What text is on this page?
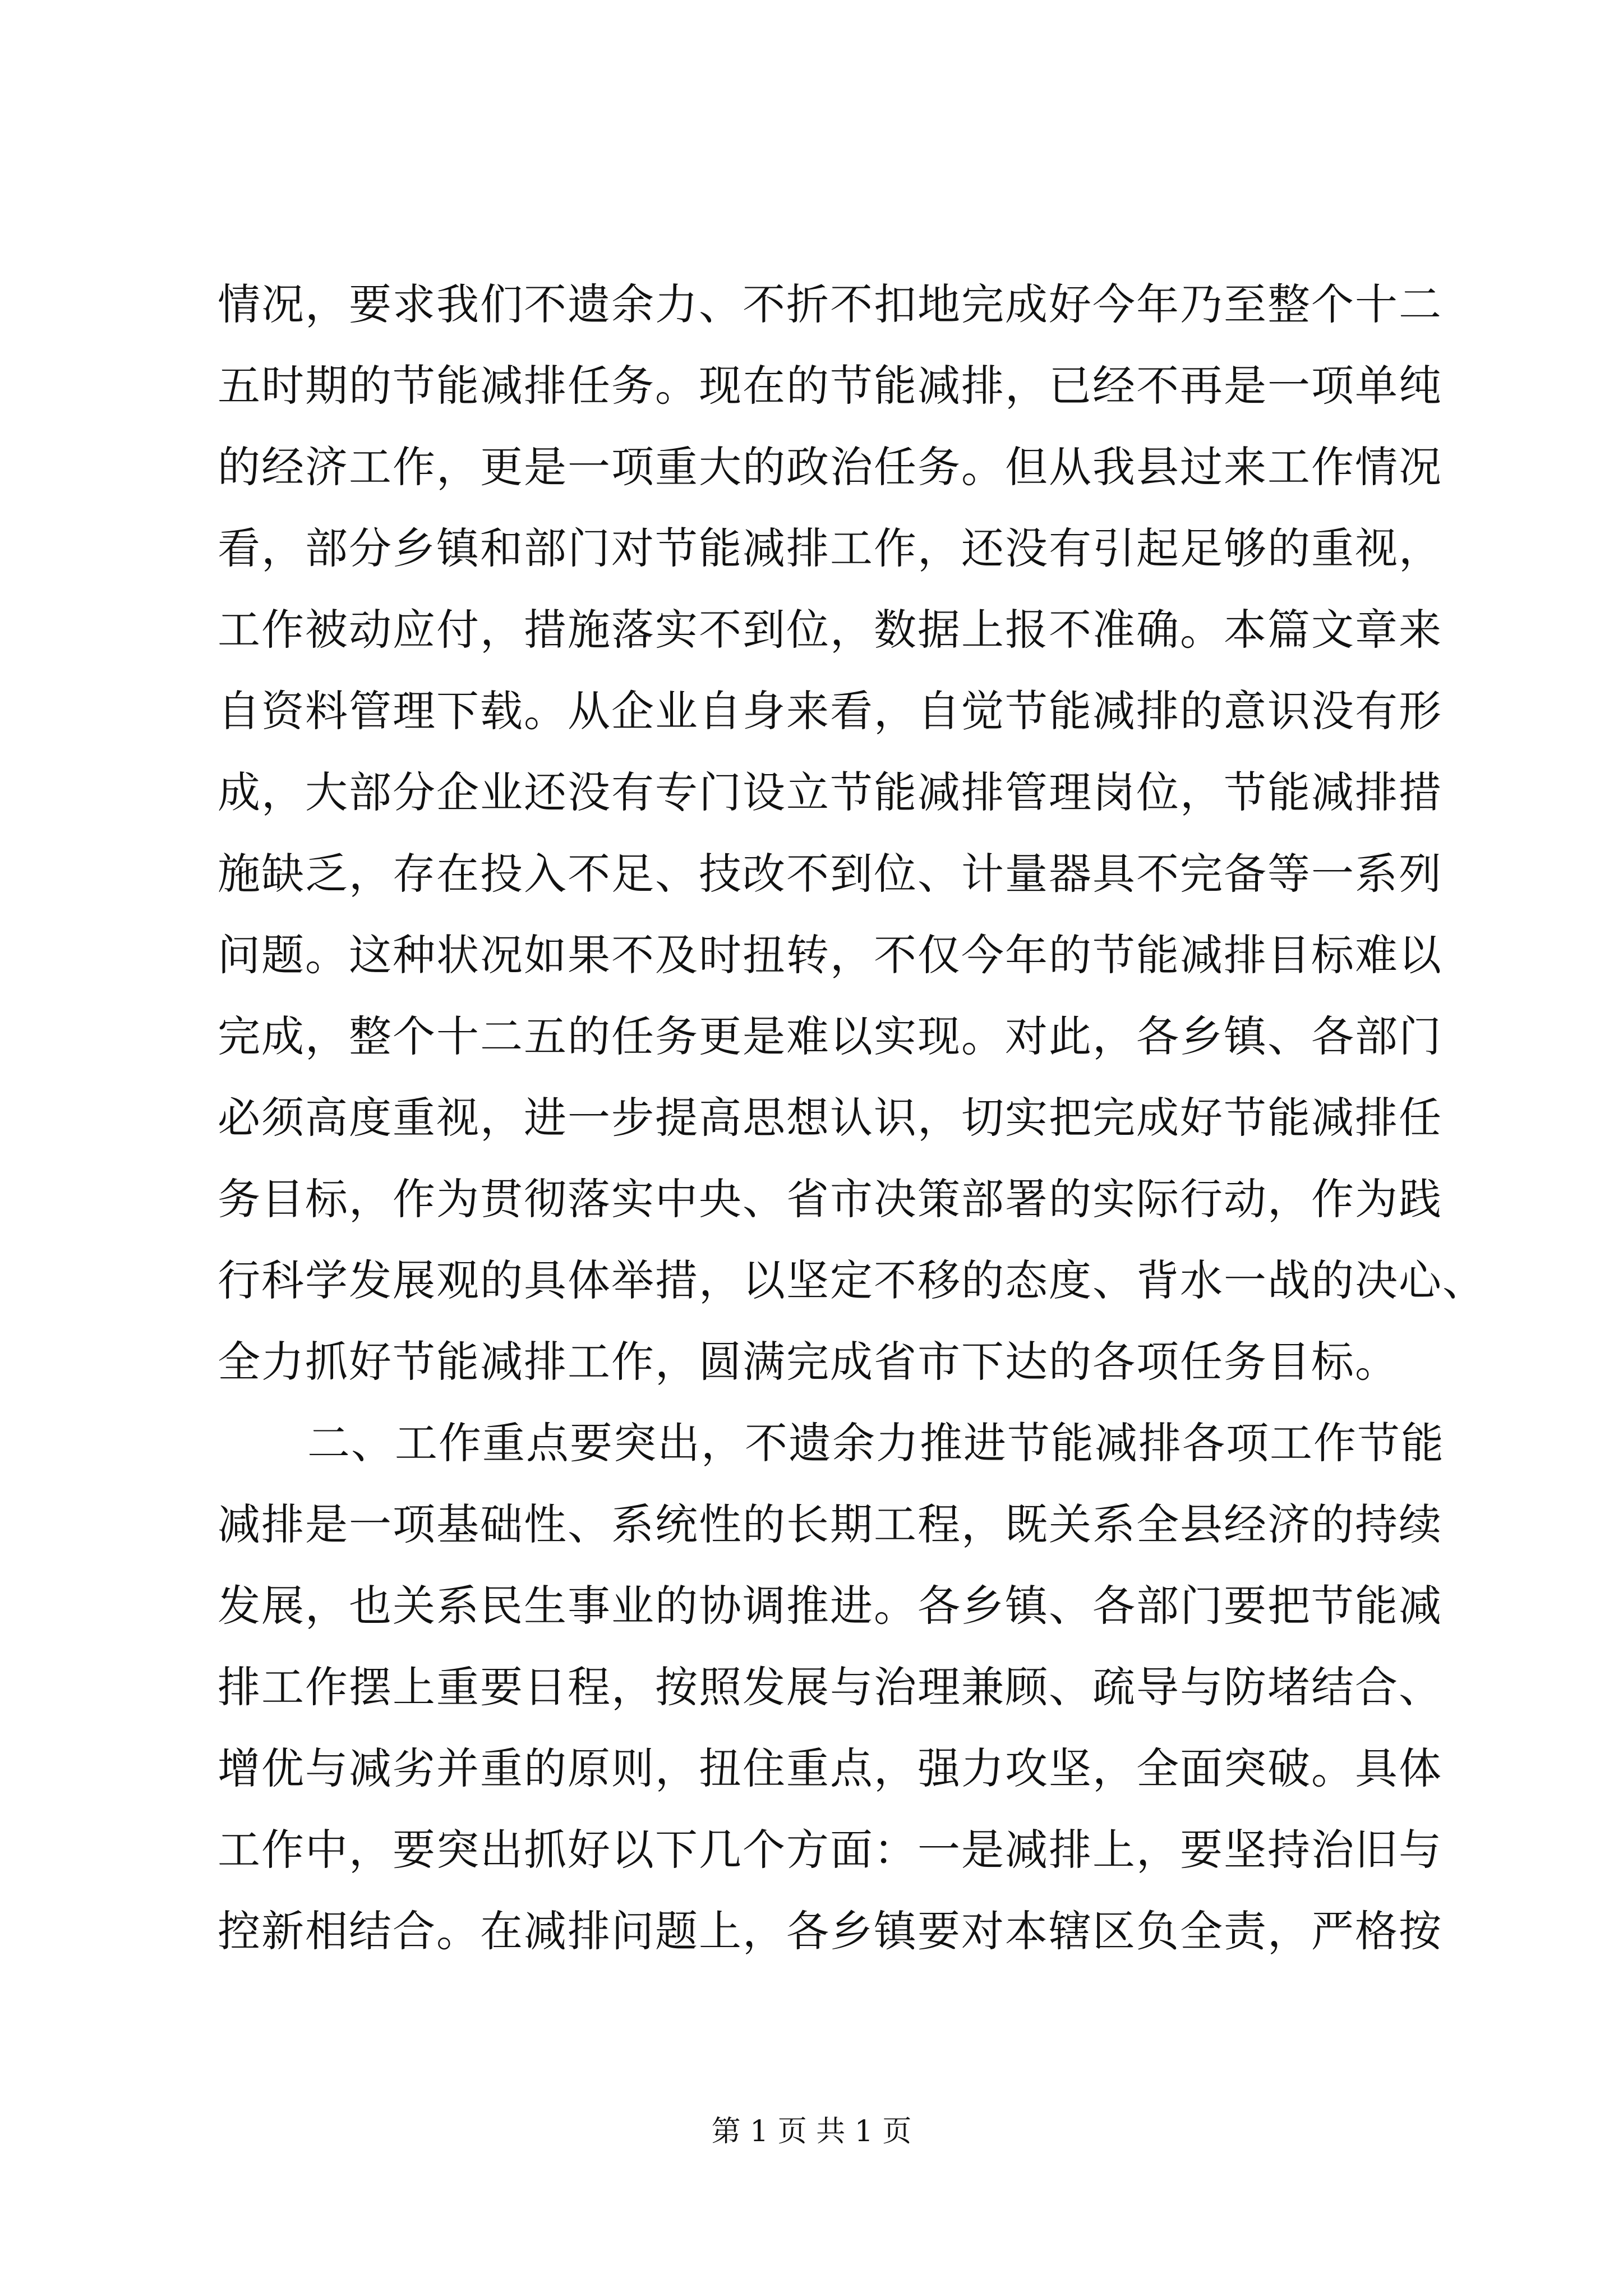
情况，要求我们不遗余力、不折不扣地完成好今年乃至整个十二
五时期的节能减排任务。现在的节能减排，已经不再是一项单纯
的经济工作，更是一项重大的政治任务。但从我县过来工作情况
看，部分乡镇和部门对节能减排工作，还没有引起足够的重视，
工作被动应付，措施落实不到位，数据上报不准确。本篇文章来
自资料管理下载。从企业自身来看，自觉节能减排的意识没有形
成，大部分企业还没有专门设立节能减排管理岗位，节能减排措
施缺乏，存在投入不足、技改不到位、计量器具不完备等一系列
问题。这种状况如果不及时扭转，不仅今年的节能减排目标难以
完成，整个十二五的任务更是难以实现。对此，各乡镇、各部门
必须高度重视，进一步提高思想认识，切实把完成好节能减排任
务目标，作为贯彻落实中央、省市决策部署的实际行动，作为践
行科学发展观的具体举措，以坚定不移的态度、背水一战的决心、
全力抓好节能减排工作，圆满完成省市下达的各项任务目标。
二、工作重点要突出，不遗余力推进节能减排各项工作节能
减排是一项基础性、系统性的长期工程，既关系全县经济的持续
发展，也关系民生事业的协调推进。各乡镇、各部门要把节能减
排工作摆上重要日程，按照发展与治理兼顾、疏导与防堵结合、
增优与减劣并重的原则，扭住重点，强力攻坚，全面突破。具体
工作中，要突出抓好以下几个方面：一是减排上，要坚持治旧与
控新相结合。在减排问题上，各乡镇要对本辖区负全责，严格按
第 1 页 共 1 页
